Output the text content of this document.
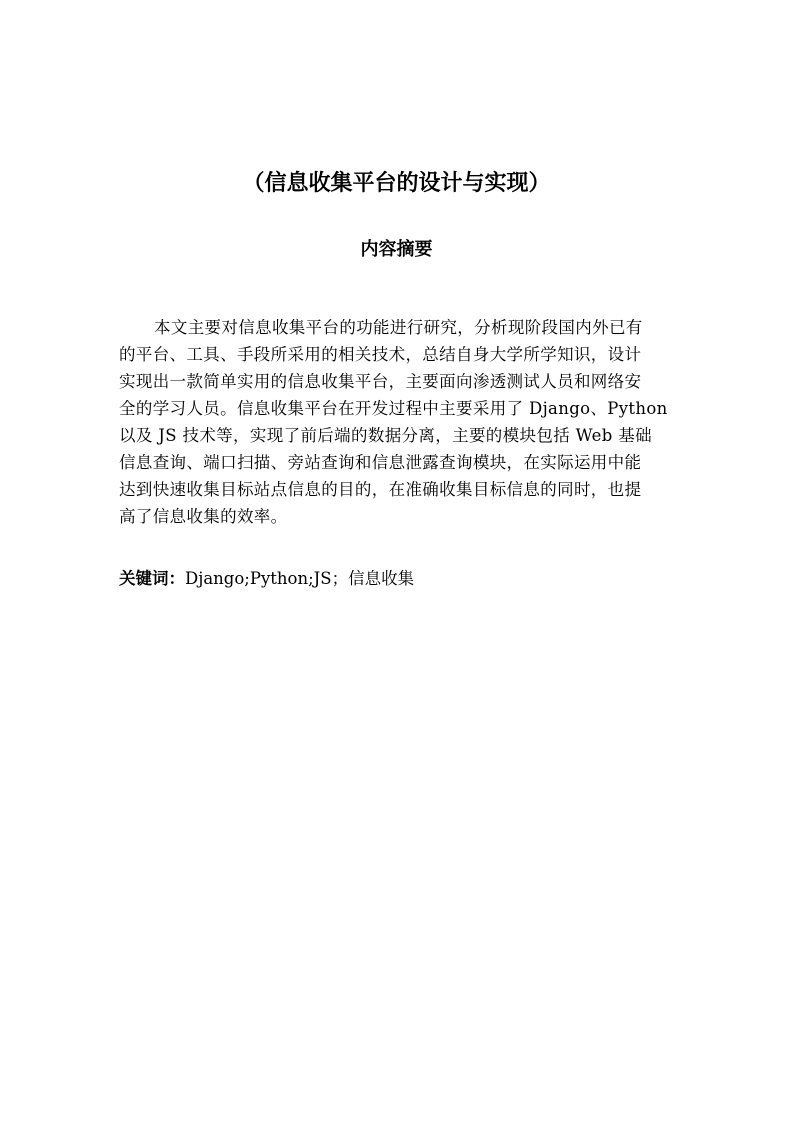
（信息收集平台的设计与实现）
内容摘要
本文主要对信息收集平台的功能进行研究，分析现阶段国内外已有
的平台、工具、手段所采用的相关技术，总结自身大学所学知识，设计
实现出一款简单实用的信息收集平台，主要面向渗透测试人员和网络安
全的学习人员。信息收集平台在开发过程中主要采用了 Django、Python
以及 JS 技术等，实现了前后端的数据分离，主要的模块包括 Web 基础
信息查询、端口扫描、旁站查询和信息泄露查询模块，在实际运用中能
达到快速收集目标站点信息的目的，在准确收集目标信息的同时，也提
高了信息收集的效率。

关键词：Django;Python;JS；信息收集
